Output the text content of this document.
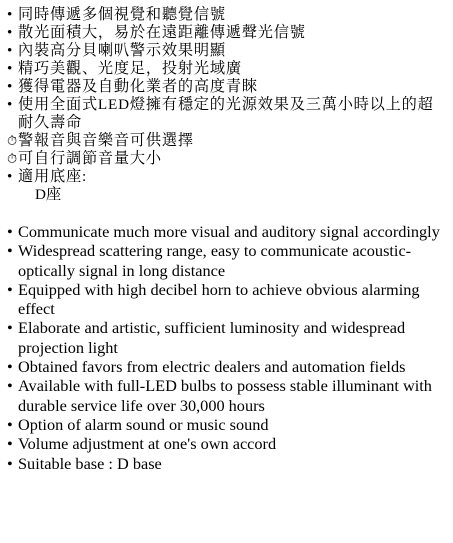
• 同時傳遞多個視覺和聽覺信號
• 散光面積大，易於在遠距離傳遞聲光信號
• 內裝高分貝喇叭警示效果明顯
• 精巧美觀、光度足，投射光域廣
• 獲得電器及自動化業者的高度青睞
• 使用全面式LED燈擁有穩定的光源效果及三萬小時以上的超耐久壽命
⏱ 警報音與音樂音可供選擇
⏱ 可自行調節音量大小
• 適用底座:
D座
• Communicate much more visual and auditory signal accordingly
• Widespread scattering range, easy to communicate acoustic-optically signal in long distance
• Equipped with high decibel horn to achieve obvious alarming effect
• Elaborate and artistic, sufficient luminosity and widespread projection light
• Obtained favors from electric dealers and automation fields
• Available with full-LED bulbs to possess stable illuminant with durable service life over 30,000 hours
• Option of alarm sound or music sound
• Volume adjustment at one's own accord
• Suitable base : D base
